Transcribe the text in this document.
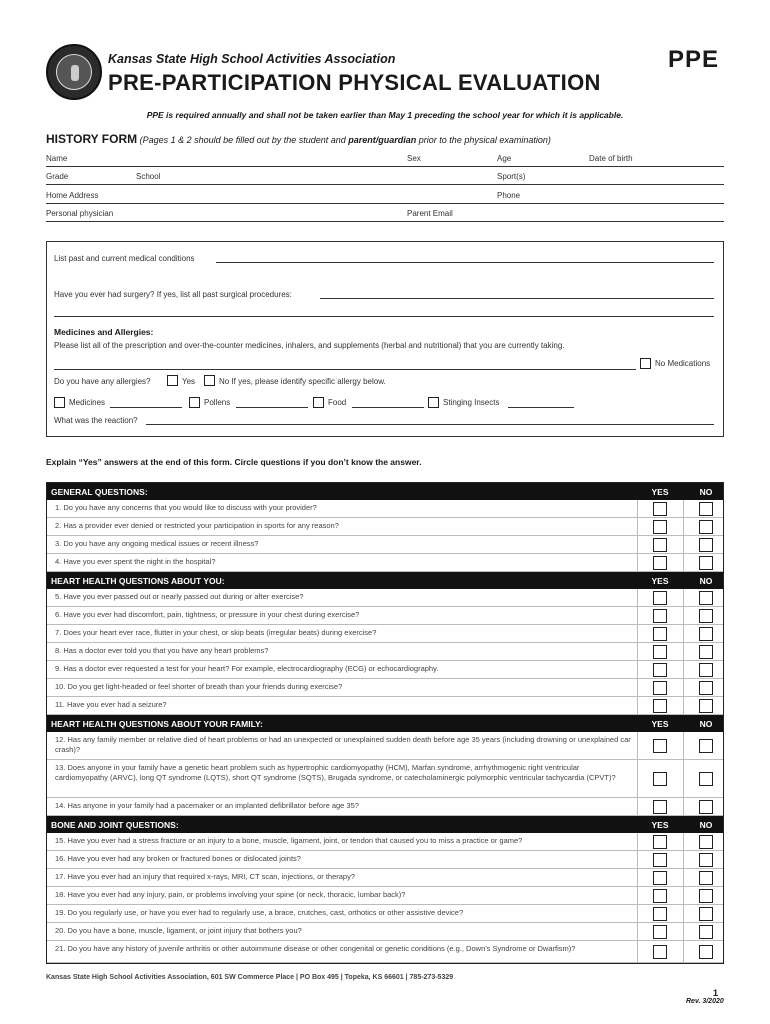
Kansas State High School Activities Association	PPE
PRE-PARTICIPATION PHYSICAL EVALUATION
PPE is required annually and shall not be taken earlier than May 1 preceding the school year for which it is applicable.
HISTORY FORM (Pages 1 & 2 should be filled out by the student and parent/guardian prior to the physical examination)
Name	Sex	Age	Date of birth
Grade	School	Sport(s)
Home Address	Phone
Personal physician	Parent Email
List past and current medical conditions
Have you ever had surgery? If yes, list all past surgical procedures:
Medicines and Allergies:
Please list all of the prescription and over-the-counter medicines, inhalers, and supplements (herbal and nutritional) that you are currently taking.
No Medications
Do you have any allergies?	Yes	No If yes, please identify specific allergy below.
Medicines	Pollens	Food	Stinging Insects
What was the reaction?
Explain “Yes” answers at the end of this form. Circle questions if you don’t know the answer.
GENERAL QUESTIONS:	YES	NO
1. Do you have any concerns that you would like to discuss with your provider?
2. Has a provider ever denied or restricted your participation in sports for any reason?
3. Do you have any ongoing medical issues or recent illness?
4. Have you ever spent the night in the hospital?
HEART HEALTH QUESTIONS ABOUT YOU:	YES	NO
5. Have you ever passed out or nearly passed out during or after exercise?
6. Have you ever had discomfort, pain, tightness, or pressure in your chest during exercise?
7. Does your heart ever race, flutter in your chest, or skip beats (irregular beats) during exercise?
8. Has a doctor ever told you that you have any heart problems?
9. Has a doctor ever requested a test for your heart? For example, electrocardiography (ECG) or echocardiography.
10. Do you get light-headed or feel shorter of breath than your friends during exercise?
11. Have you ever had a seizure?
HEART HEALTH QUESTIONS ABOUT YOUR FAMILY:	YES	NO
12. Has any family member or relative died of heart problems or had an unexpected or unexplained sudden death before age 35 years (including drowning or unexplained car crash)?
13. Does anyone in your family have a genetic heart problem such as hypertrophic cardiomyopathy (HCM), Marfan syndrome, arrhythmogenic right ventricular cardiomyopathy (ARVC), long QT syndrome (LQTS), short QT syndrome (SQTS), Brugada syndrome, or catecholaminergic polymorphic ventricular tachycardia (CPVT)?
14. Has anyone in your family had a pacemaker or an implanted defibrillator before age 35?
BONE AND JOINT QUESTIONS:	YES	NO
15. Have you ever had a stress fracture or an injury to a bone, muscle, ligament, joint, or tendon that caused you to miss a practice or game?
16. Have you ever had any broken or fractured bones or dislocated joints?
17. Have you ever had an injury that required x-rays, MRI, CT scan, injections, or therapy?
18. Have you ever had any injury, pain, or problems involving your spine (or neck, thoracic, lumbar back)?
19. Do you regularly use, or have you ever had to regularly use, a brace, crutches, cast, orthotics or other assistive device?
20. Do you have a bone, muscle, ligament, or joint injury that bothers you?
21. Do you have any history of juvenile arthritis or other autoimmune disease or other congenital or genetic conditions (e.g., Down's Syndrome or Dwarfism)?
Kansas State High School Activities Association, 601 SW Commerce Place | PO Box 495 | Topeka, KS 66601 | 785-273-5329
1
Rev. 3/2020
